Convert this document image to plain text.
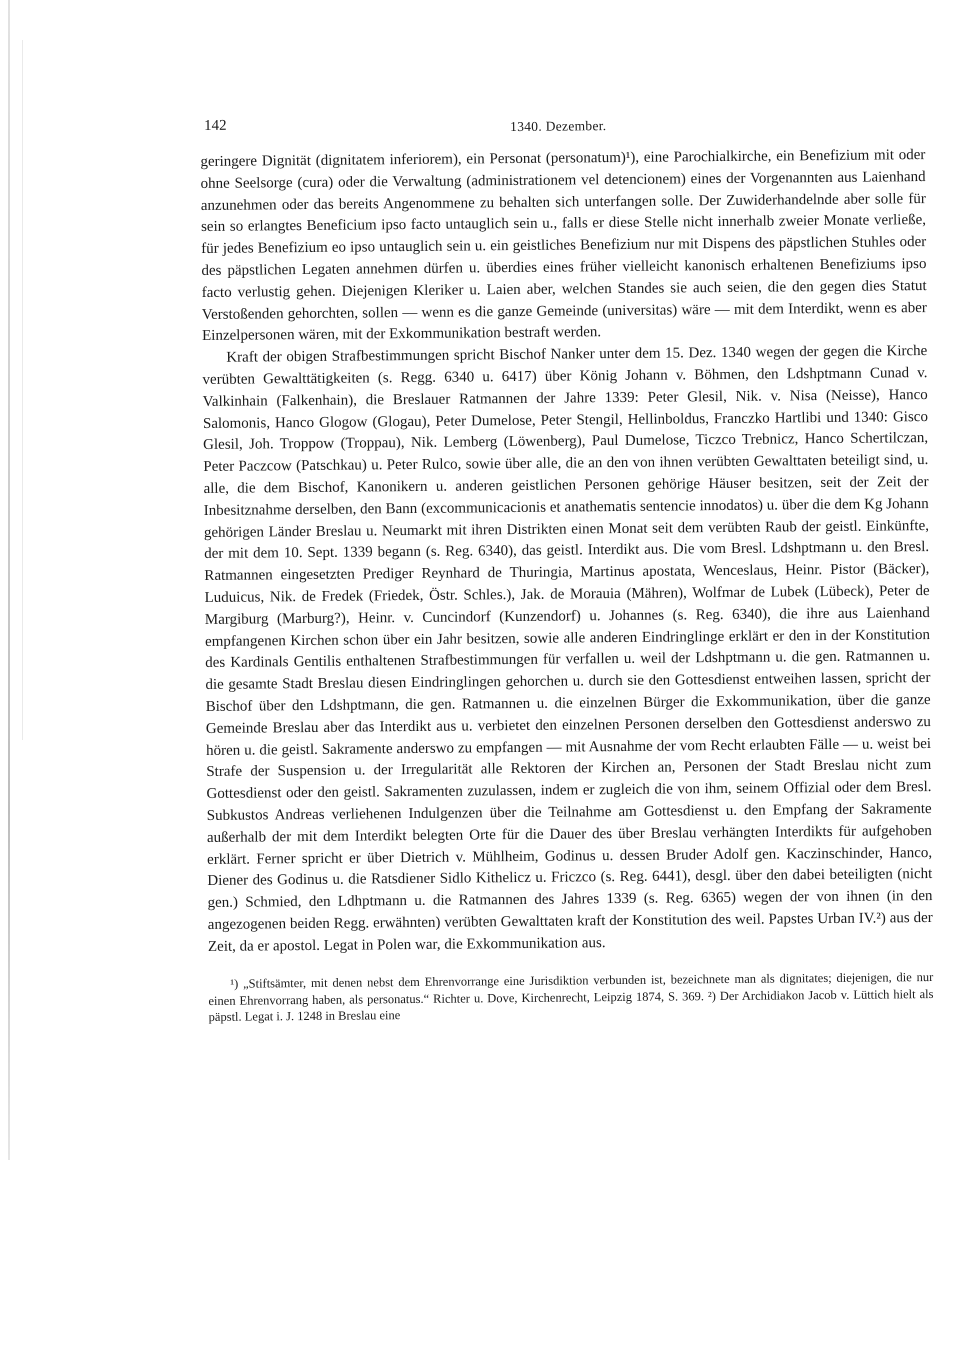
142	1340. Dezember.

geringere Dignität (dignitatem inferiorem), ein Personat (personatum)¹), eine Parochialkirche, ein Benefizium mit oder ohne Seelsorge (cura) oder die Verwaltung (administrationem vel detencionem) eines der Vorgenannten aus Laienhand anzunehmen oder das bereits Angenommene zu behalten sich unterfangen solle. Der Zuwiderhandelnde aber solle für sein so erlangtes Beneficium ipso facto untauglich sein u., falls er diese Stelle nicht innerhalb zweier Monate verließe, für jedes Benefizium eo ipso untauglich sein u. ein geistliches Benefizium nur mit Dispens des päpstlichen Stuhles oder des päpstlichen Legaten annehmen dürfen u. überdies eines früher vielleicht kanonisch erhaltenen Benefiziums ipso facto verlustig gehen. Diejenigen Kleriker u. Laien aber, welchen Standes sie auch seien, die den gegen dies Statut Verstoßenden gehorchten, sollen — wenn es die ganze Gemeinde (universitas) wäre — mit dem Interdikt, wenn es aber Einzelpersonen wären, mit der Exkommunikation bestraft werden.

Kraft der obigen Strafbestimmungen spricht Bischof Nanker unter dem 15. Dez. 1340 wegen der gegen die Kirche verübten Gewalttätigkeiten (s. Regg. 6340 u. 6417) über König Johann v. Böhmen, den Ldshptmann Cunad v. Valkinhain (Falkenhain), die Breslauer Ratmannen der Jahre 1339: Peter Glesil, Nik. v. Nisa (Neisse), Hanco Salomonis, Hanco Glogow (Glogau), Peter Dumelose, Peter Stengil, Hellinboldus, Franczko Hartlibi und 1340: Gisco Glesil, Joh. Troppow (Troppau), Nik. Lemberg (Löwenberg), Paul Dumelose, Ticzco Trebnicz, Hanco Schertilczan, Peter Paczcow (Patschkau) u. Peter Rulco, sowie über alle, die an den von ihnen verübten Gewalttaten beteiligt sind, u. alle, die dem Bischof, Kanonikern u. anderen geistlichen Personen gehörige Häuser besitzen, seit der Zeit der Inbesitznahme derselben, den Bann (excommunicacionis et anathematis sentencie innodatos) u. über die dem Kg Johann gehörigen Länder Breslau u. Neumarkt mit ihren Distrikten einen Monat seit dem verübten Raub der geistl. Einkünfte, der mit dem 10. Sept. 1339 begann (s. Reg. 6340), das geistl. Interdikt aus. Die vom Bresl. Ldshptmann u. den Bresl. Ratmannen eingesetzten Prediger Reynhard de Thuringia, Martinus apostata, Wenceslaus, Heinr. Pistor (Bäcker), Luduicus, Nik. de Fredek (Friedek, Östr. Schles.), Jak. de Morauia (Mähren), Wolfmar de Lubek (Lübeck), Peter de Margiburg (Marburg?), Heinr. v. Cuncindorf (Kunzendorf) u. Johannes (s. Reg. 6340), die ihre aus Laienhand empfangenen Kirchen schon über ein Jahr besitzen, sowie alle anderen Eindringlinge erklärt er den in der Konstitution des Kardinals Gentilis enthaltenen Strafbestimmungen für verfallen u. weil der Ldshptmann u. die gen. Ratmannen u. die gesamte Stadt Breslau diesen Eindringlingen gehorchen u. durch sie den Gottesdienst entweihen lassen, spricht der Bischof über den Ldshptmann, die gen. Ratmannen u. die einzelnen Bürger die Exkommunikation, über die ganze Gemeinde Breslau aber das Interdikt aus u. verbietet den einzelnen Personen derselben den Gottesdienst anderswo zu hören u. die geistl. Sakramente anderswo zu empfangen — mit Ausnahme der vom Recht erlaubten Fälle — u. weist bei Strafe der Suspension u. der Irregularität alle Rektoren der Kirchen an, Personen der Stadt Breslau nicht zum Gottesdienst oder den geistl. Sakramenten zuzulassen, indem er zugleich die von ihm, seinem Offizial oder dem Bresl. Subkustos Andreas verliehenen Indulgenzen über die Teilnahme am Gottesdienst u. den Empfang der Sakramente außerhalb der mit dem Interdikt belegten Orte für die Dauer des über Breslau verhängten Interdikts für aufgehoben erklärt. Ferner spricht er über Dietrich v. Mühlheim, Godinus u. dessen Bruder Adolf gen. Kaczinschinder, Hanco, Diener des Godinus u. die Ratsdiener Sidlo Kithelicz u. Friczco (s. Reg. 6441), desgl. über den dabei beteiligten (nicht gen.) Schmied, den Ldhptmann u. die Ratmannen des Jahres 1339 (s. Reg. 6365) wegen der von ihnen (in den angezogenen beiden Regg. erwähnten) verübten Gewalttaten kraft der Konstitution des weil. Papstes Urban IV.²) aus der Zeit, da er apostol. Legat in Polen war, die Exkommunikation aus.

¹) „Stiftsämter, mit denen nebst dem Ehrenvorrange eine Jurisdiktion verbunden ist, bezeichnete man als dignitates; diejenigen, die nur einen Ehrenvorrang haben, als personatus.“ Richter u. Dove, Kirchenrecht, Leipzig 1874, S. 369. ²) Der Archidiakon Jacob v. Lüttich hielt als päpstl. Legat i. J. 1248 in Breslau eine
